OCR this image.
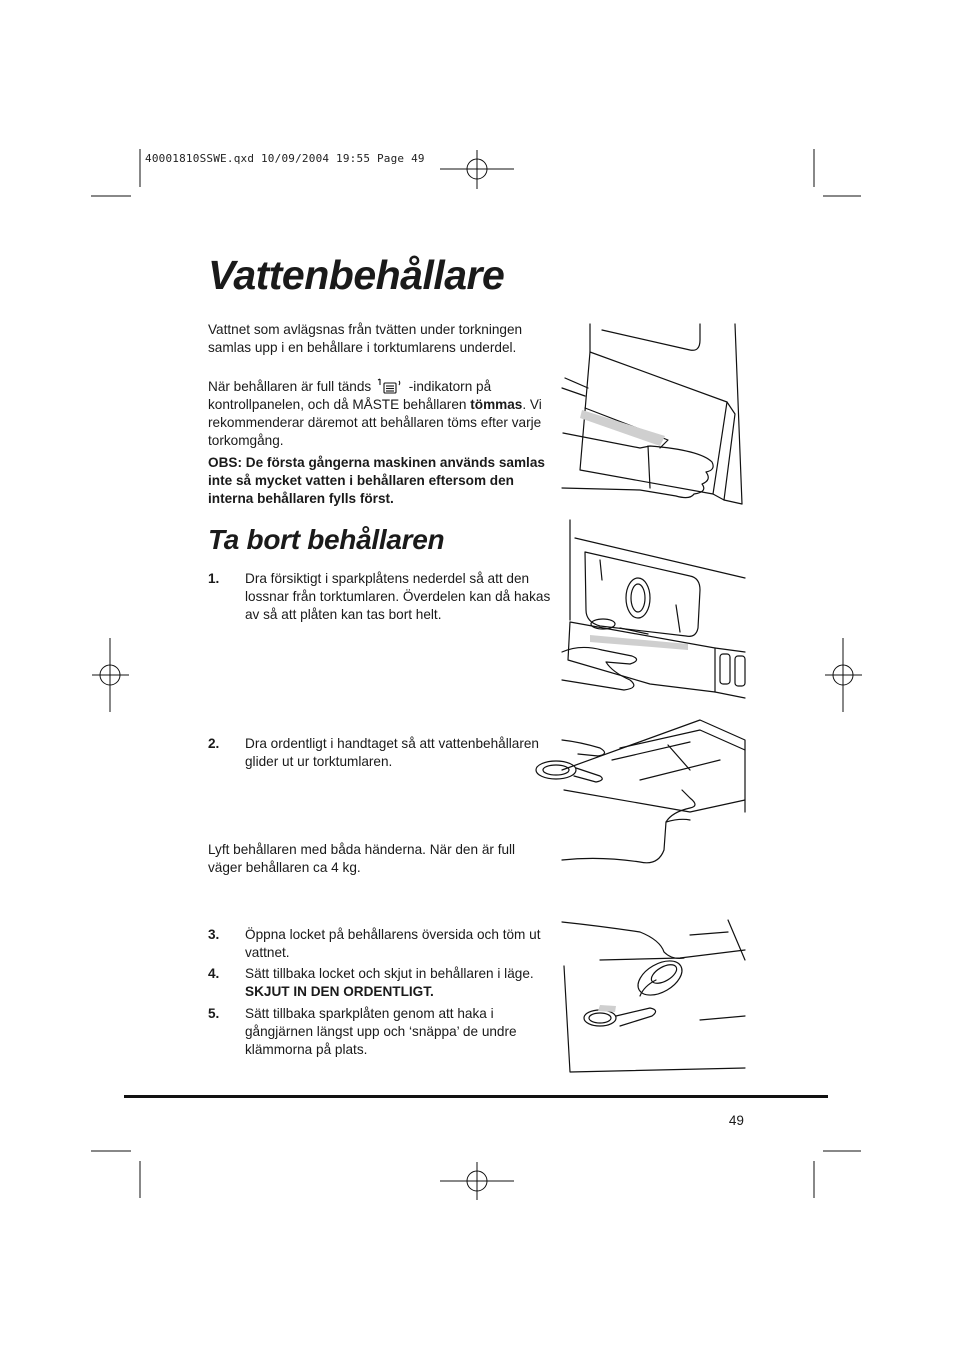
40001810SSWE.qxd 10/09/2004 19:55 Page 49
Vattenbehållare

Vattnet som avlägsnas från tvätten under torkningen samlas upp i en behållare i torktumlarens underdel.

När behållaren är full tänds	-indikatorn på kontrollpanelen, och då MÅSTE behållaren tömmas. Vi rekommenderar däremot att behållaren töms efter varje torkomgång.

OBS: De första gångerna maskinen används samlas inte så mycket vatten i behållaren eftersom den interna behållaren fylls först.

Ta bort behållaren
1. Dra försiktigt i sparkplåtens nederdel så att den lossnar från torktumlaren. Överdelen kan då hakas av så att plåten kan tas bort helt.
2. Dra ordentligt i handtaget så att vattenbehållaren glider ut ur torktumlaren.

Lyft behållaren med båda händerna. När den är full väger behållaren ca 4 kg.

3. Öppna locket på behållarens översida och töm ut vattnet.
4. Sätt tillbaka locket och skjut in behållaren i läge. SKJUT IN DEN ORDENTLIGT.
5. Sätt tillbaka sparkplåten genom att haka i gångjärnen längst upp och ‘snäppa’ de undre klämmorna på plats.
49
